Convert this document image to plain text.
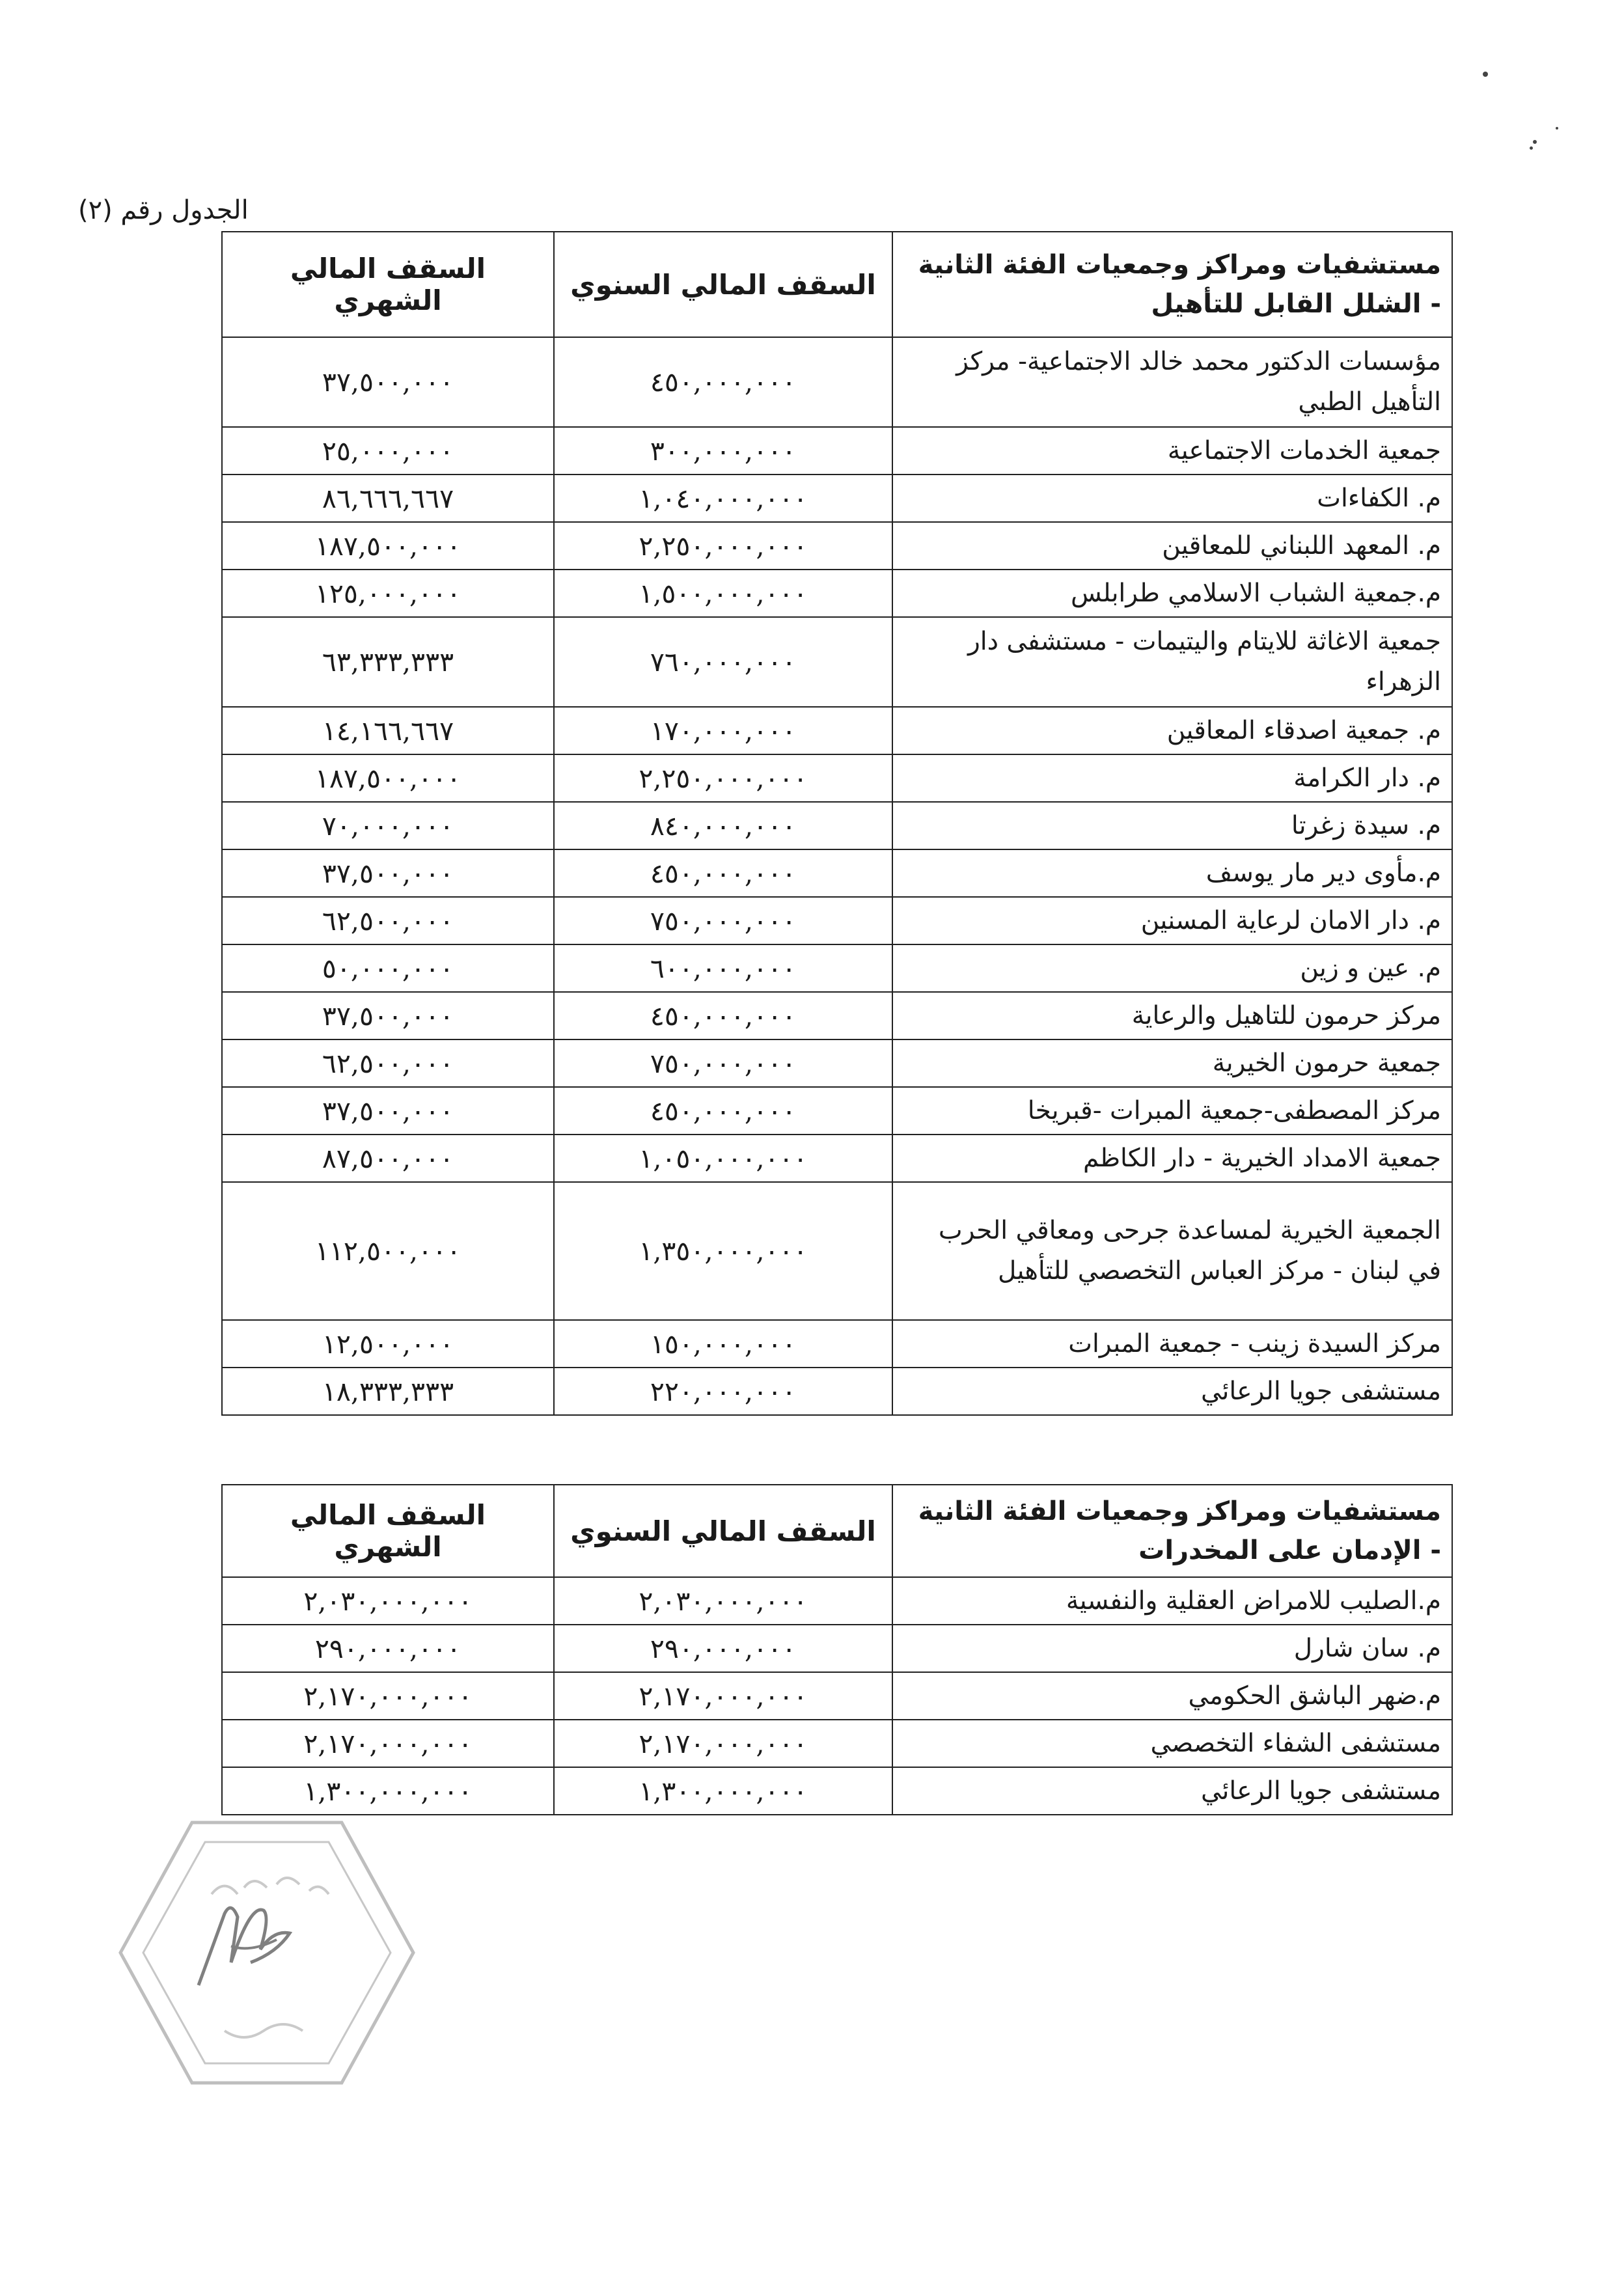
الجدول رقم (٢)
مستشفيات ومراكز وجمعيات الفئة الثانية - الشلل القابل للتأهيل	السقف المالي السنوي	السقف المالي الشهري
مؤسسات الدكتور محمد خالد الاجتماعية- مركز التأهيل الطبي	٤٥٠,٠٠٠,٠٠٠	٣٧,٥٠٠,٠٠٠
جمعية الخدمات الاجتماعية	٣٠٠,٠٠٠,٠٠٠	٢٥,٠٠٠,٠٠٠
م. الكفاءات	١,٠٤٠,٠٠٠,٠٠٠	٨٦,٦٦٦,٦٦٧
م. المعهد اللبناني للمعاقين	٢,٢٥٠,٠٠٠,٠٠٠	١٨٧,٥٠٠,٠٠٠
م.جمعية الشباب الاسلامي طرابلس	١,٥٠٠,٠٠٠,٠٠٠	١٢٥,٠٠٠,٠٠٠
جمعية الاغاثة للايتام واليتيمات - مستشفى دار الزهراء	٧٦٠,٠٠٠,٠٠٠	٦٣,٣٣٣,٣٣٣
م. جمعية اصدقاء المعاقين	١٧٠,٠٠٠,٠٠٠	١٤,١٦٦,٦٦٧
م. دار الكرامة	٢,٢٥٠,٠٠٠,٠٠٠	١٨٧,٥٠٠,٠٠٠
م. سيدة زغرتا	٨٤٠,٠٠٠,٠٠٠	٧٠,٠٠٠,٠٠٠
م.مأوى دير مار يوسف	٤٥٠,٠٠٠,٠٠٠	٣٧,٥٠٠,٠٠٠
م. دار الامان لرعاية المسنين	٧٥٠,٠٠٠,٠٠٠	٦٢,٥٠٠,٠٠٠
م. عين و زين	٦٠٠,٠٠٠,٠٠٠	٥٠,٠٠٠,٠٠٠
مركز حرمون للتاهيل والرعاية	٤٥٠,٠٠٠,٠٠٠	٣٧,٥٠٠,٠٠٠
جمعية حرمون الخيرية	٧٥٠,٠٠٠,٠٠٠	٦٢,٥٠٠,٠٠٠
مركز المصطفى-جمعية المبرات -قبريخا	٤٥٠,٠٠٠,٠٠٠	٣٧,٥٠٠,٠٠٠
جمعية الامداد الخيرية - دار الكاظم	١,٠٥٠,٠٠٠,٠٠٠	٨٧,٥٠٠,٠٠٠
الجمعية الخيرية لمساعدة جرحى ومعاقي الحرب في لبنان - مركز العباس التخصصي للتأهيل	١,٣٥٠,٠٠٠,٠٠٠	١١٢,٥٠٠,٠٠٠
مركز السيدة زينب - جمعية المبرات	١٥٠,٠٠٠,٠٠٠	١٢,٥٠٠,٠٠٠
مستشفى جويا الرعائي	٢٢٠,٠٠٠,٠٠٠	١٨,٣٣٣,٣٣٣
مستشفيات ومراكز وجمعيات الفئة الثانية - الإدمان على المخدرات	السقف المالي السنوي	السقف المالي الشهري
م.الصليب للامراض العقلية والنفسية	٢,٠٣٠,٠٠٠,٠٠٠	٢,٠٣٠,٠٠٠,٠٠٠
م. سان شارل	٢٩٠,٠٠٠,٠٠٠	٢٩٠,٠٠٠,٠٠٠
م.ضهر الباشق الحكومي	٢,١٧٠,٠٠٠,٠٠٠	٢,١٧٠,٠٠٠,٠٠٠
مستشفى الشفاء التخصصي	٢,١٧٠,٠٠٠,٠٠٠	٢,١٧٠,٠٠٠,٠٠٠
مستشفى جويا الرعائي	١,٣٠٠,٠٠٠,٠٠٠	١,٣٠٠,٠٠٠,٠٠٠
